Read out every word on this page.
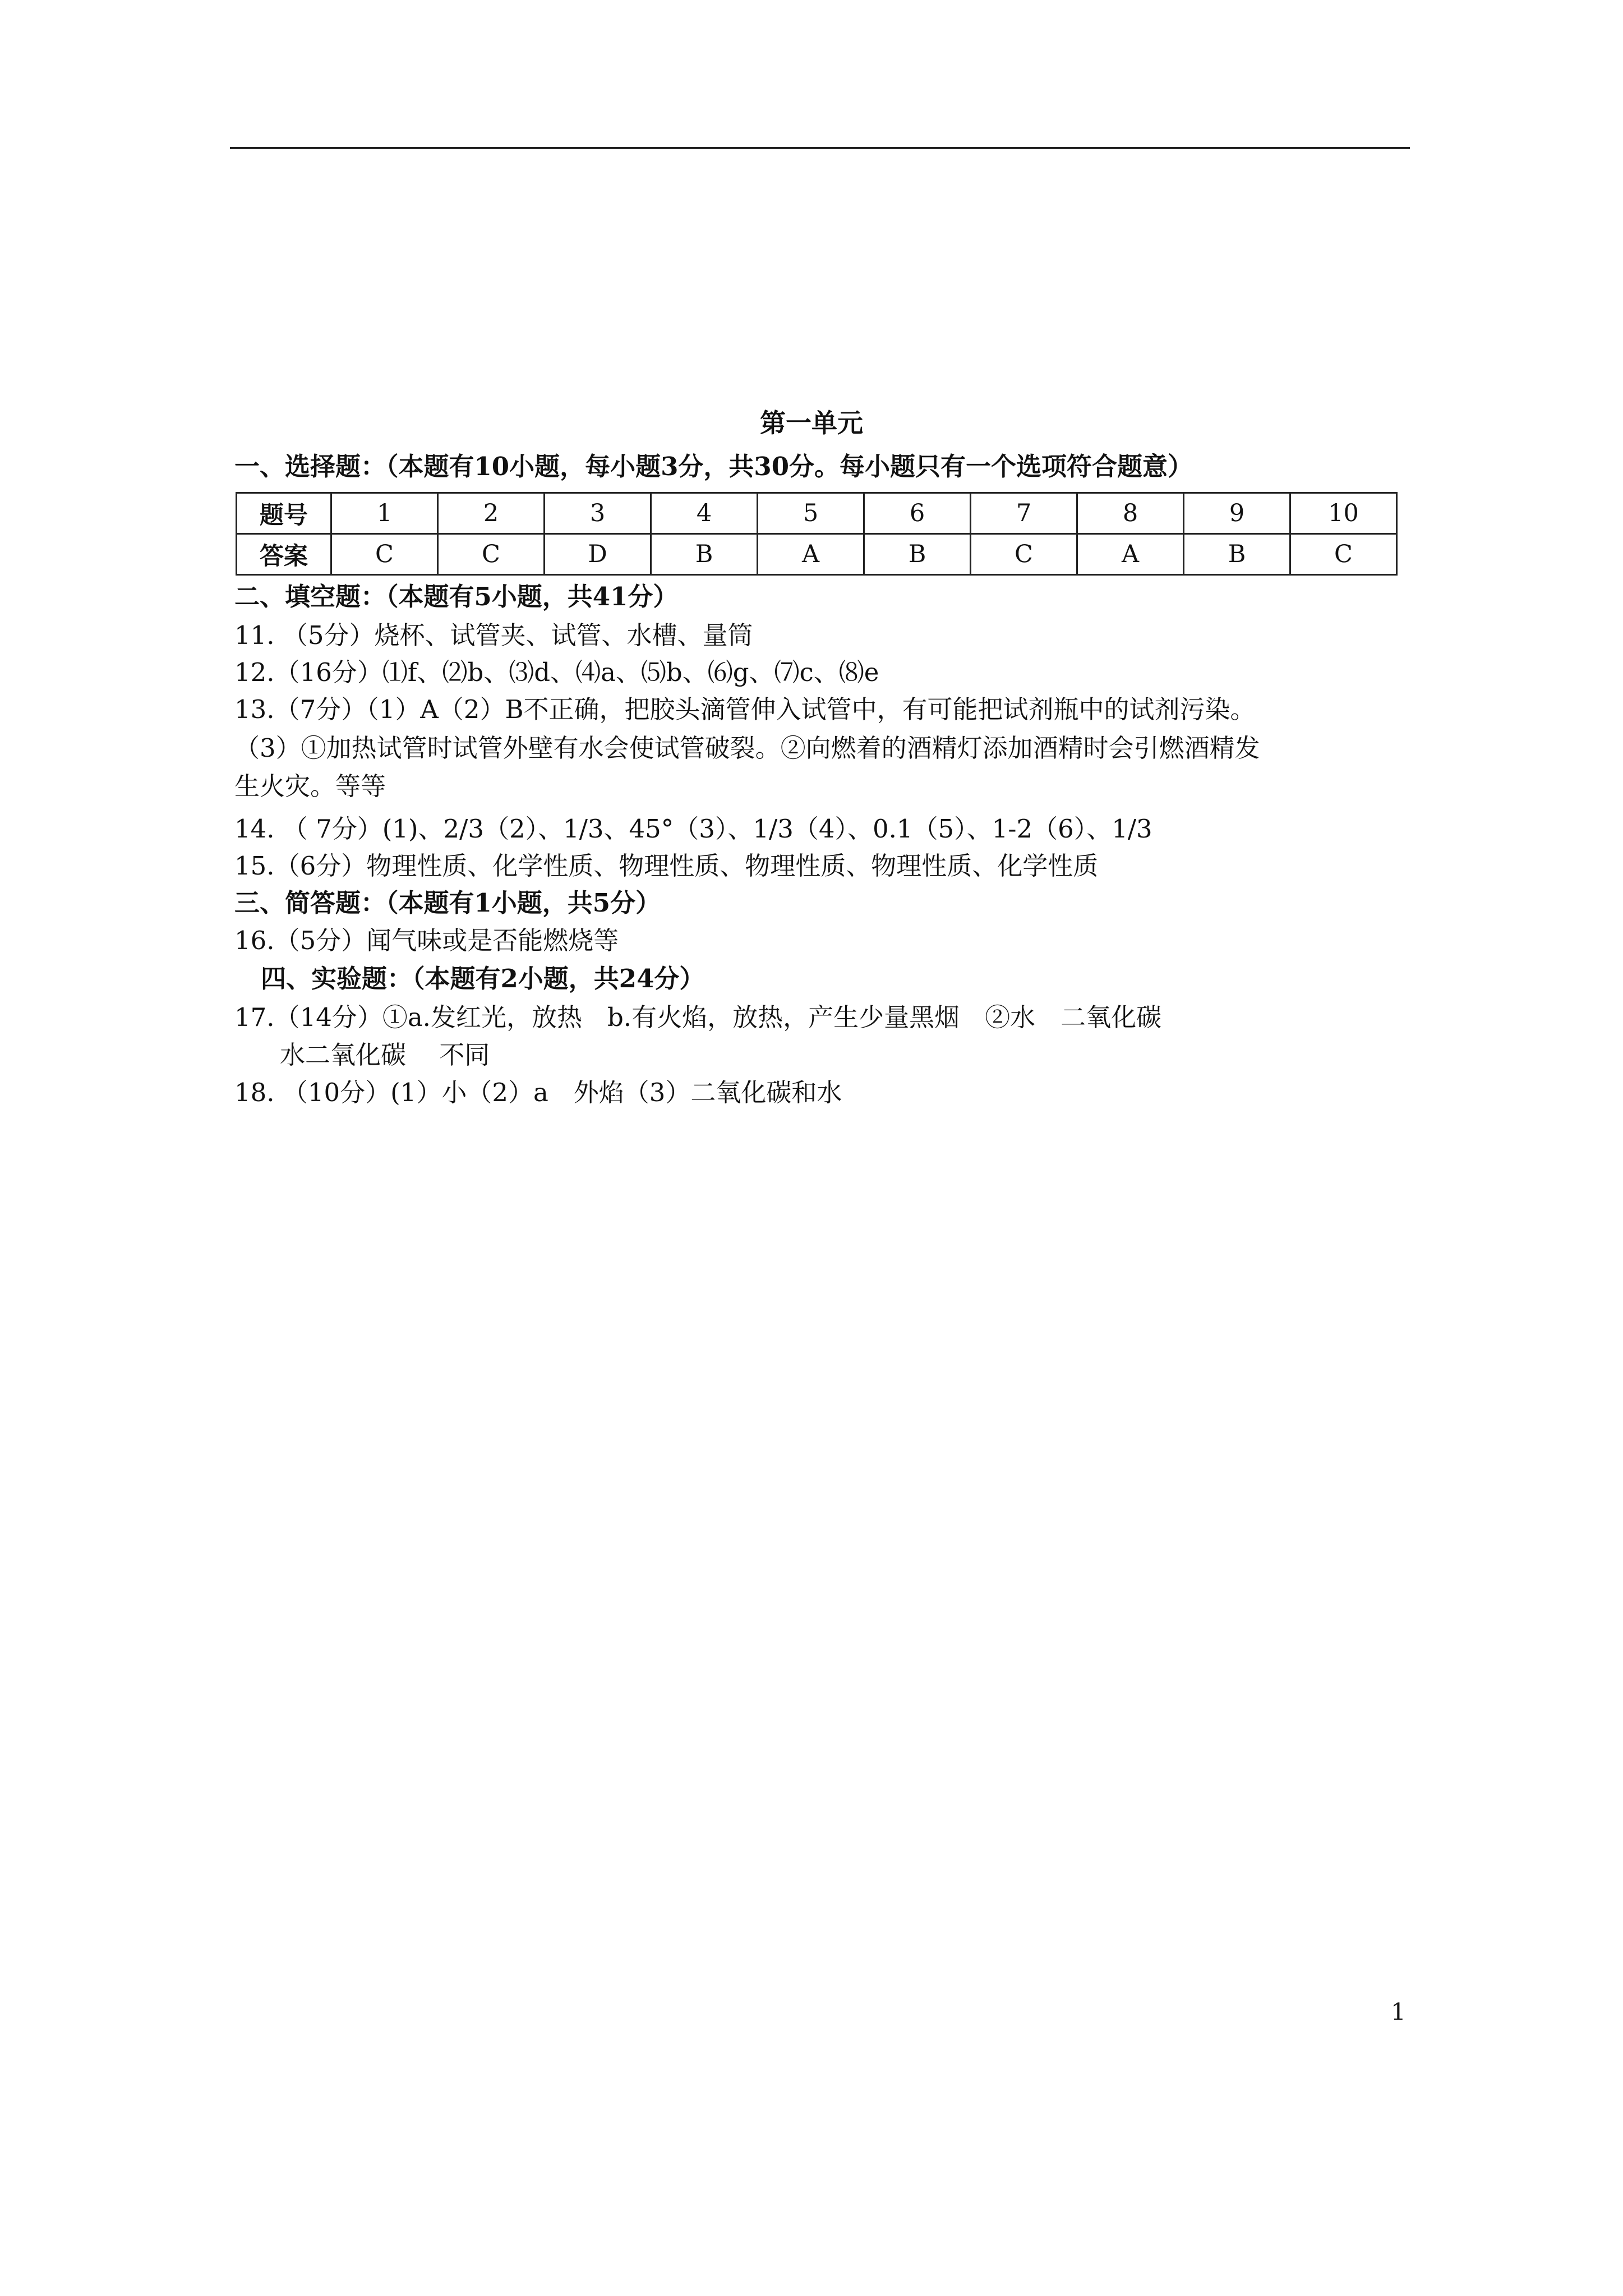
第一单元
一、选择题：（本题有10小题，每小题3分，共30分。每小题只有一个选项符合题意）
题号	1	2	3	4	5	6	7	8	9	10
答案	C	C	D	B	A	B	C	A	B	C
二、填空题：（本题有5小题，共41分）
11. （5分）烧杯、试管夹、试管、水槽、量筒
12.（16分）⑴f、⑵b、⑶d、⑷a、⑸b、⑹g、⑺c、⑻e
13.（7分）（1）A（2）B不正确，把胶头滴管伸入试管中，有可能把试剂瓶中的试剂污染。
（3）①加热试管时试管外壁有水会使试管破裂。②向燃着的酒精灯添加酒精时会引燃酒精发
生火灾。等等
14. （ 7分）(1)、2/3（2）、1/3、45°（3）、1/3（4）、0.1（5）、1-2（6）、1/3
15.（6分）物理性质、化学性质、物理性质、物理性质、物理性质、化学性质
三、简答题：（本题有1小题，共5分）
16.（5分）闻气味或是否能燃烧等
四、实验题：（本题有2小题，共24分）
17.（14分）①a.发红光，放热　b.有火焰，放热，产生少量黑烟　②水　二氧化碳
水二氧化碳　 不同
18. （10分）(1）小（2）a　外焰（3）二氧化碳和水
1
